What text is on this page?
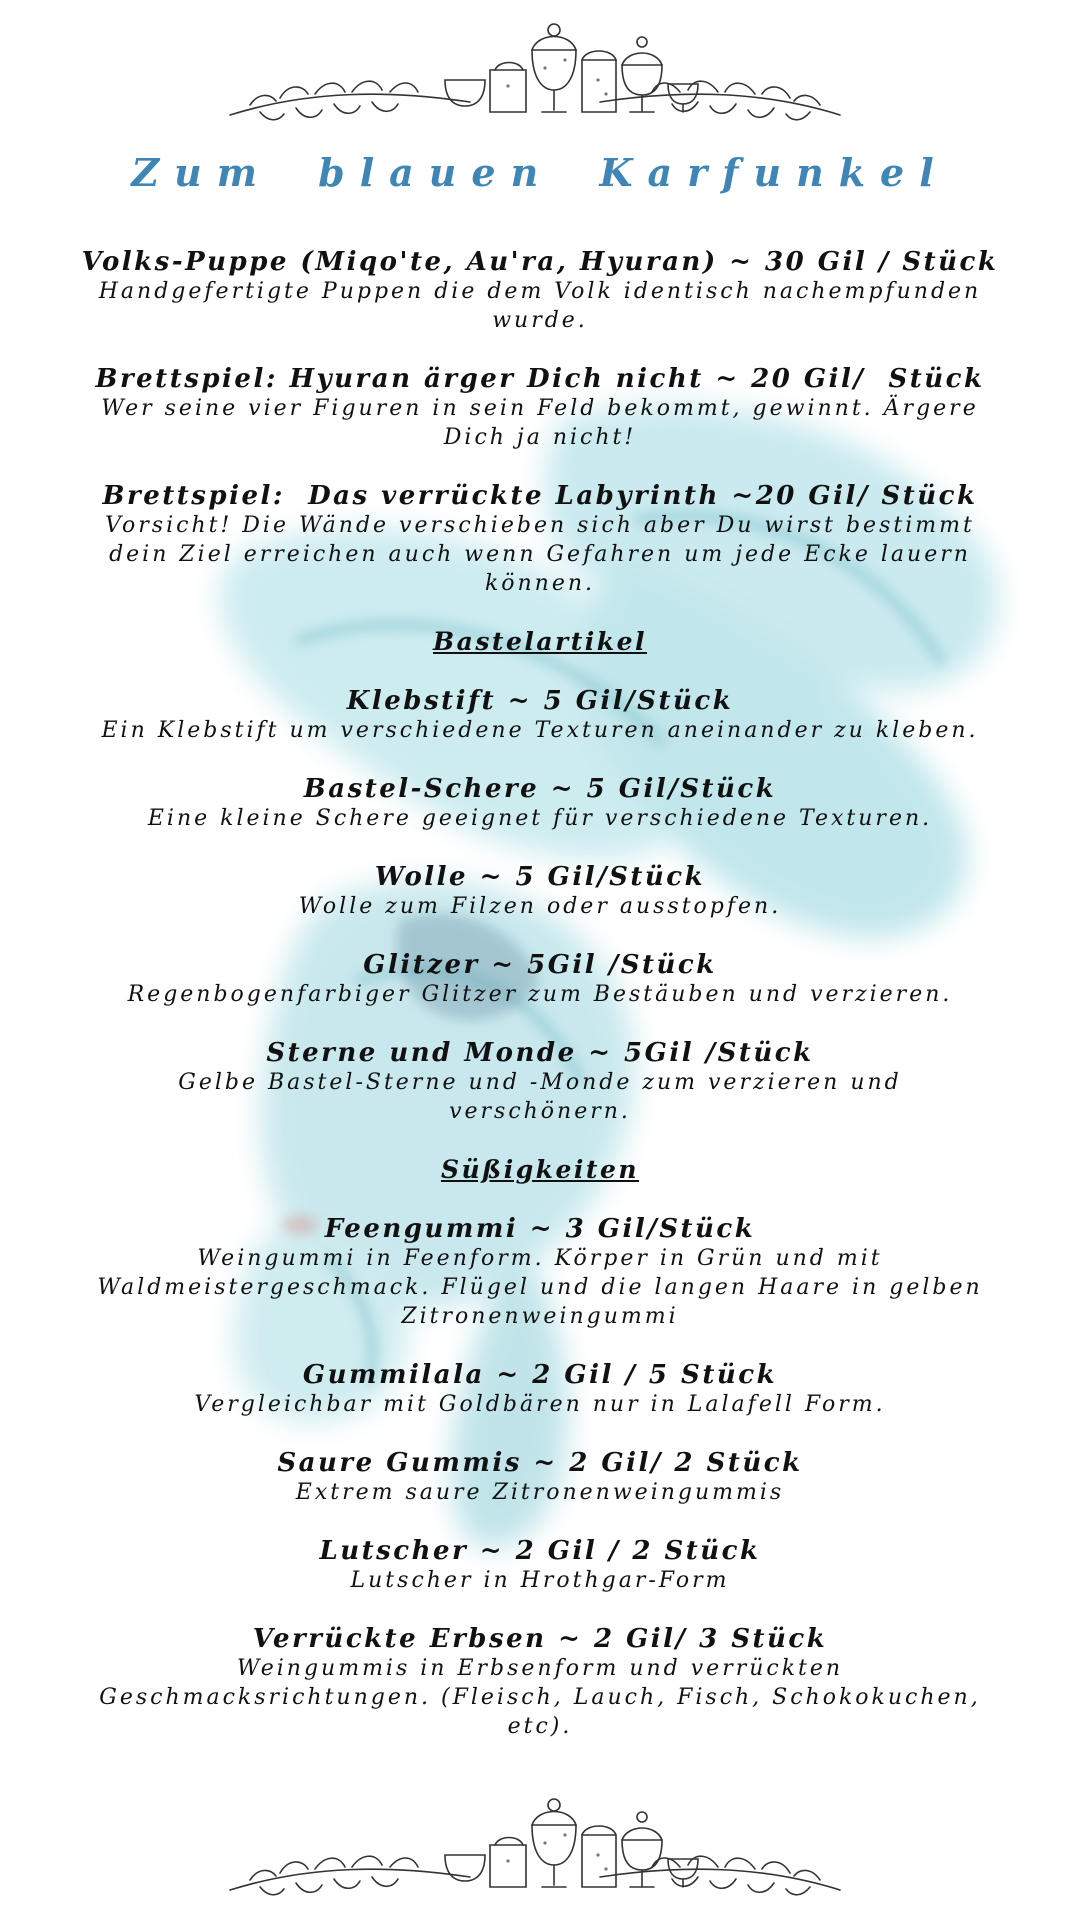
Zum blauen Karfunkel
Volks-Puppe (Miqo'te, Au'ra, Hyuran) ~ 30 Gil / Stück
Handgefertigte Puppen die dem Volk identisch nachempfunden wurde.
Brettspiel: Hyuran ärger Dich nicht ~ 20 Gil/  Stück
Wer seine vier Figuren in sein Feld bekommt, gewinnt. Ärgere Dich ja nicht!
Brettspiel:  Das verrückte Labyrinth ~20 Gil/ Stück
Vorsicht! Die Wände verschieben sich aber Du wirst bestimmt dein Ziel erreichen auch wenn Gefahren um jede Ecke lauern können.
Bastelartikel
Klebstift ~ 5 Gil/Stück
Ein Klebstift um verschiedene Texturen aneinander zu kleben.
Bastel-Schere ~ 5 Gil/Stück
Eine kleine Schere geeignet für verschiedene Texturen.
Wolle ~ 5 Gil/Stück
Wolle zum Filzen oder ausstopfen.
Glitzer ~ 5Gil /Stück
Regenbogenfarbiger Glitzer zum Bestäuben und verzieren.
Sterne und Monde ~ 5Gil /Stück
Gelbe Bastel-Sterne und -Monde zum verzieren und verschönern.
Süßigkeiten
Feengummi ~ 3 Gil/Stück
Weingummi in Feenform. Körper in Grün und mit Waldmeistergeschmack. Flügel und die langen Haare in gelben Zitronenweingummi
Gummilala ~ 2 Gil / 5 Stück
Vergleichbar mit Goldbären nur in Lalafell Form.
Saure Gummis ~ 2 Gil/ 2 Stück
Extrem saure Zitronenweingummis
Lutscher ~ 2 Gil / 2 Stück
Lutscher in Hrothgar-Form
Verrückte Erbsen ~ 2 Gil/ 3 Stück
Weingummis in Erbsenform und verrückten Geschmacksrichtungen. (Fleisch, Lauch, Fisch, Schokokuchen, etc).
